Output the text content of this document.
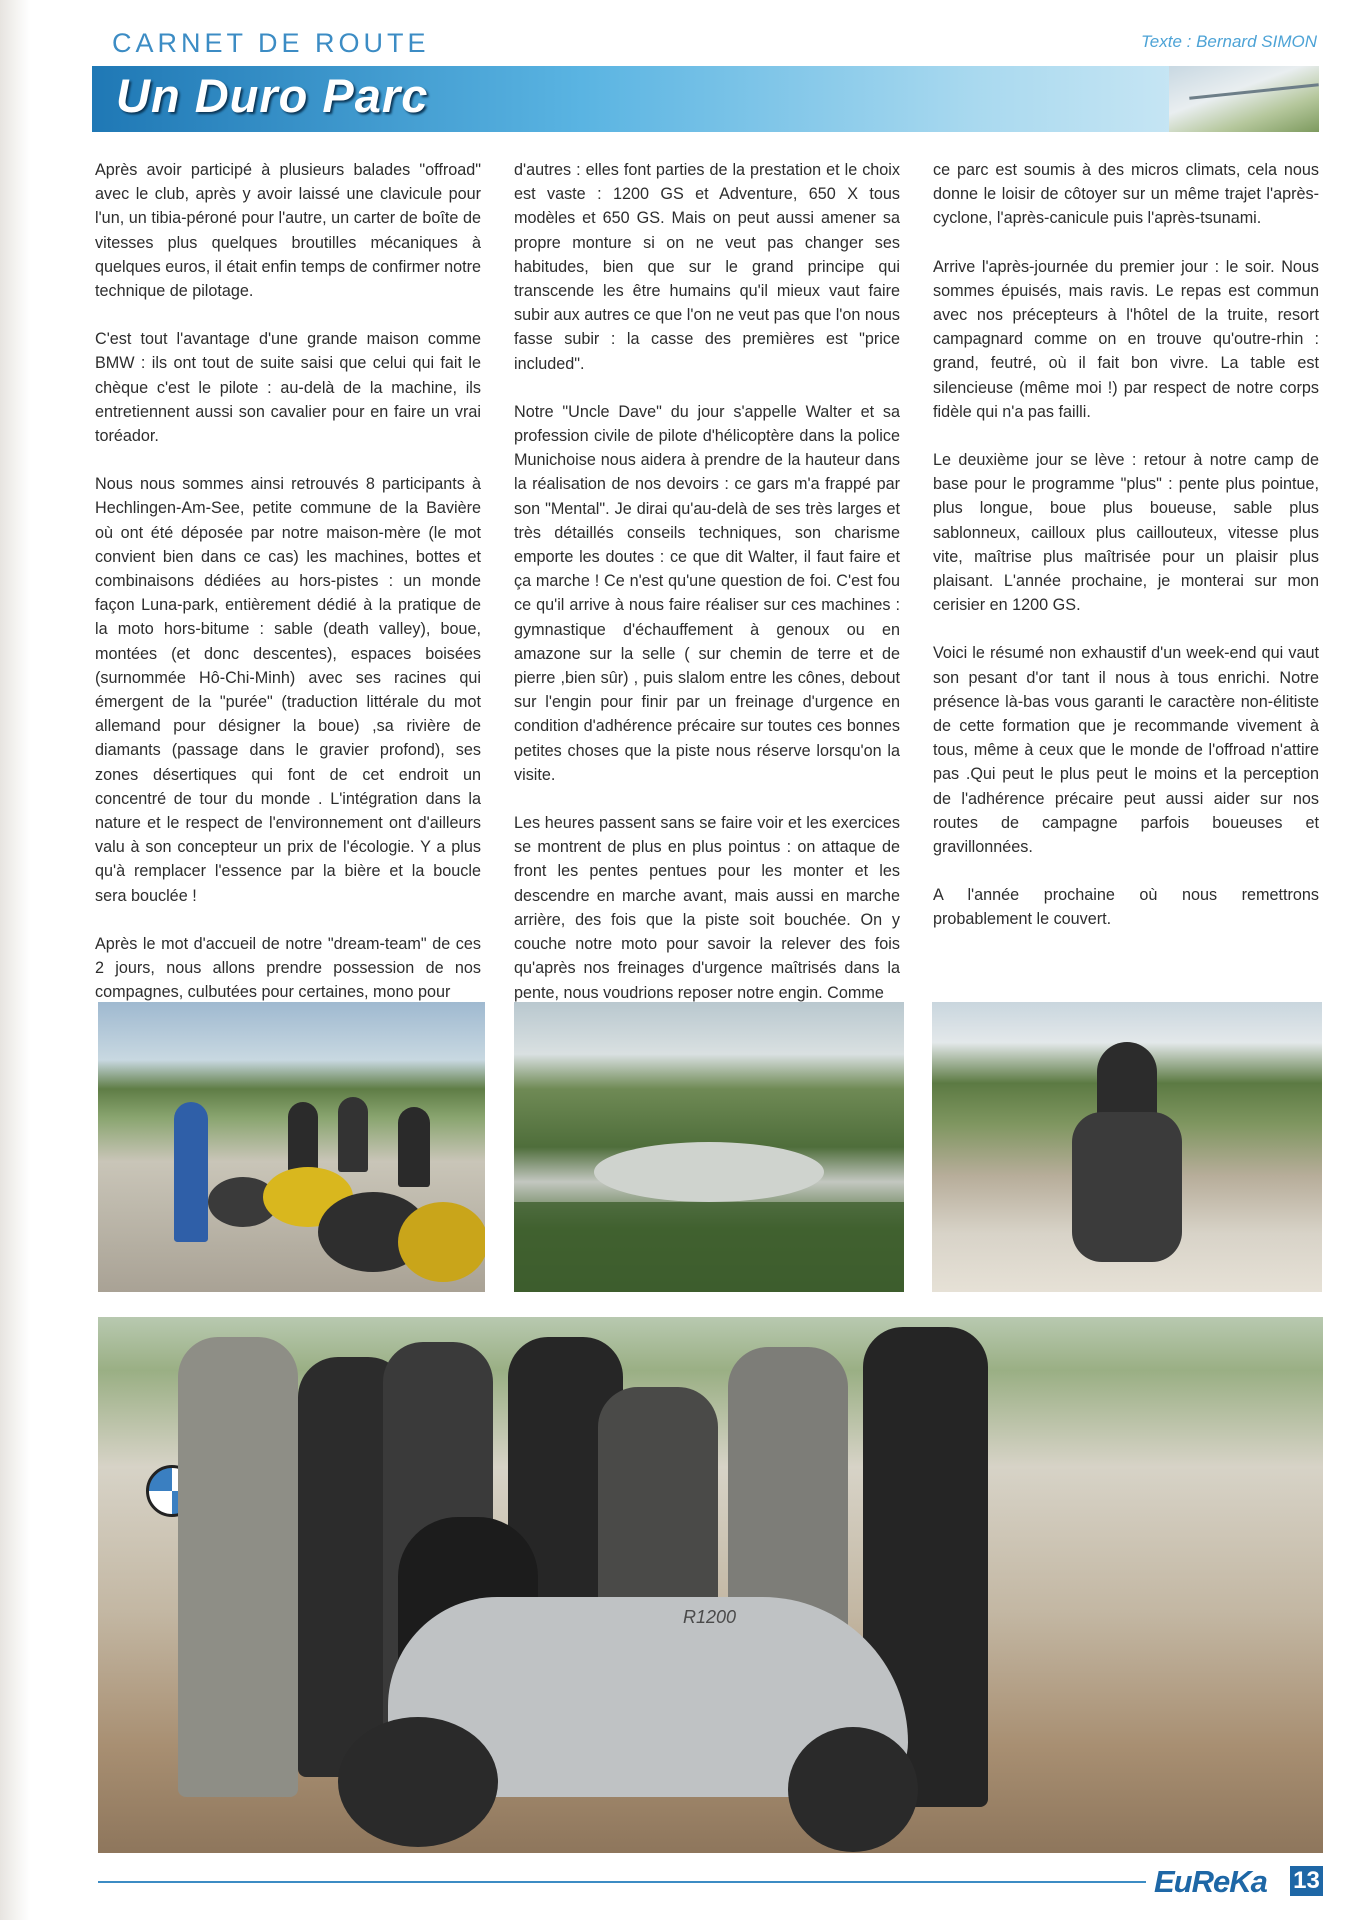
CARNET DE ROUTE	Texte : Bernard SIMON
Un Duro Parc

Après avoir participé à plusieurs balades "offroad" avec le club, après y avoir laissé une clavicule pour l'un, un tibia-péroné pour l'autre, un carter de boîte de vitesses plus quelques broutilles mécaniques à quelques euros, il était enfin temps de confirmer notre technique de pilotage.

C'est tout l'avantage d'une grande maison comme BMW : ils ont tout de suite saisi que celui qui fait le chèque c'est le pilote : au-delà de la machine, ils entretiennent aussi son cavalier pour en faire un vrai toréador.

Nous nous sommes ainsi retrouvés 8 participants à Hechlingen-Am-See, petite commune de la Bavière où ont été déposée par notre maison-mère (le mot convient bien dans ce cas) les machines, bottes et combinaisons dédiées au hors-pistes : un monde façon Luna-park, entièrement dédié à la pratique de la moto hors-bitume : sable (death valley), boue, montées (et donc descentes), espaces boisées (surnommée Hô-Chi-Minh) avec ses racines qui émergent de la "purée" (traduction littérale du mot allemand pour désigner la boue) ,sa rivière de diamants (passage dans le gravier profond), ses zones désertiques qui font de cet endroit un concentré de tour du monde . L'intégration dans la nature et le respect de l'environnement ont d'ailleurs valu à son concepteur un prix de l'écologie. Y a plus qu'à remplacer l'essence par la bière et la boucle sera bouclée !

Après le mot d'accueil de notre "dream-team" de ces 2 jours, nous allons prendre possession de nos compagnes, culbutées pour certaines, mono pour

d'autres : elles font parties de la prestation et le choix est vaste : 1200 GS et Adventure, 650 X tous modèles et 650 GS. Mais on peut aussi amener sa propre monture si on ne veut pas changer ses habitudes, bien que sur le grand principe qui transcende les être humains qu'il mieux vaut faire subir aux autres ce que l'on ne veut pas que l'on nous fasse subir : la casse des premières est "price included".

Notre "Uncle Dave" du jour s'appelle Walter et sa profession civile de pilote d'hélicoptère dans la police Munichoise nous aidera à prendre de la hauteur dans la réalisation de nos devoirs : ce gars m'a frappé par son "Mental". Je dirai qu'au-delà de ses très larges et très détaillés conseils techniques, son charisme emporte les doutes : ce que dit Walter, il faut faire et ça marche ! Ce n'est qu'une question de foi. C'est fou ce qu'il arrive à nous faire réaliser sur ces machines : gymnastique d'échauffement à genoux ou en amazone sur la selle ( sur chemin de terre et de pierre ,bien sûr) , puis slalom entre les cônes, debout sur l'engin pour finir par un freinage d'urgence en condition d'adhérence précaire sur toutes ces bonnes petites choses que la piste nous réserve lorsqu'on la visite.

Les heures passent sans se faire voir et les exercices se montrent de plus en plus pointus : on attaque de front les pentes pentues pour les monter et les descendre en marche avant, mais aussi en marche arrière, des fois que la piste soit bouchée. On y couche notre moto pour savoir la relever des fois qu'après nos freinages d'urgence maîtrisés dans la pente, nous voudrions reposer notre engin. Comme

ce parc est soumis à des micros climats, cela nous donne le loisir de côtoyer sur un même trajet l'après-cyclone, l'après-canicule puis l'après-tsunami.

Arrive l'après-journée du premier jour : le soir. Nous sommes épuisés, mais ravis. Le repas est commun avec nos précepteurs à l'hôtel de la truite, resort campagnard comme on en trouve qu'outre-rhin : grand, feutré, où il fait bon vivre. La table est silencieuse (même moi !) par respect de notre corps fidèle qui n'a pas failli.

Le deuxième jour se lève : retour à notre camp de base pour le programme "plus" : pente plus pointue, plus longue, boue plus boueuse, sable plus sablonneux, cailloux plus caillouteux, vitesse plus vite, maîtrise plus maîtrisée pour un plaisir plus plaisant. L'année prochaine, je monterai sur mon cerisier en 1200 GS.

Voici le résumé non exhaustif d'un week-end qui vaut son pesant d'or tant il nous à tous enrichi. Notre présence là-bas vous garanti le caractère non-élitiste de cette formation que je recommande vivement à tous, même à ceux que le monde de l'offroad n'attire pas .Qui peut le plus peut le moins et la perception de l'adhérence précaire peut aussi aider sur nos routes de campagne parfois boueuses et gravillonnées.

A l'année prochaine où nous remettrons probablement le couvert.

R1200
EuReKa 13
